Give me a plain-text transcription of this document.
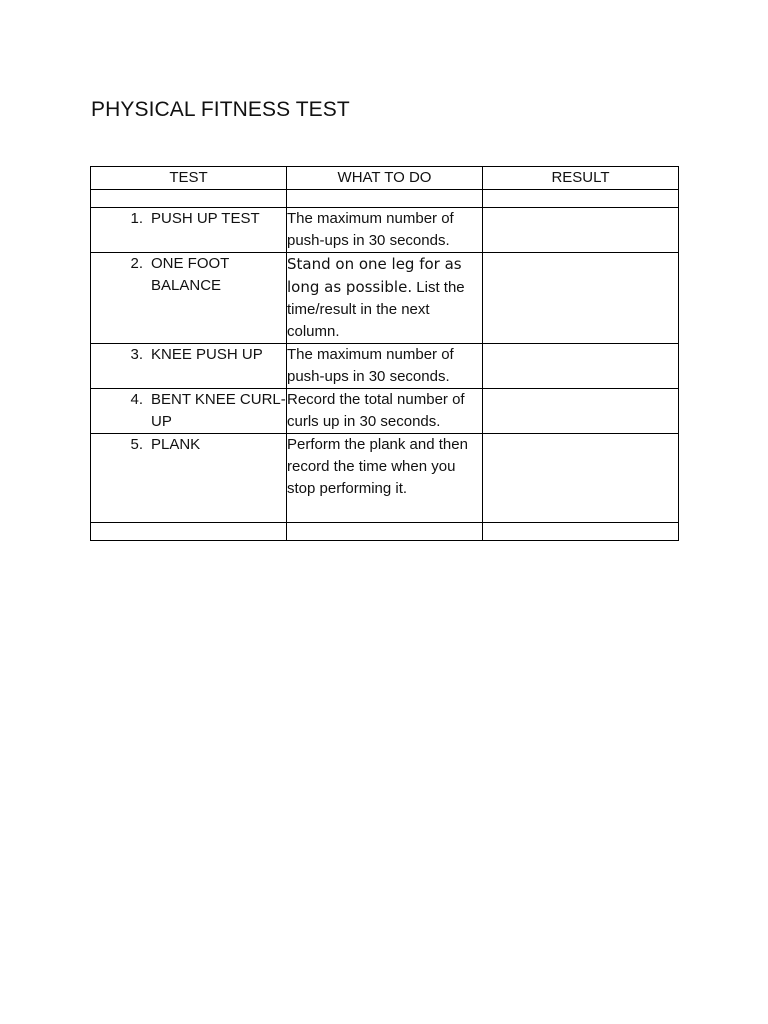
PHYSICAL FITNESS TEST
TEST	WHAT TO DO	RESULT

1. PUSH UP TEST	The maximum number of push-ups in 30 seconds.	

2. ONE FOOT BALANCE	Stand on one leg for as long as possible. List the time/result in the next column.	

3. KNEE PUSH UP	The maximum number of push-ups in 30 seconds.	

4. BENT KNEE CURL-UP	Record the total number of curls up in 30 seconds.	

5. PLANK	Perform the plank and then record the time when you stop performing it.	
